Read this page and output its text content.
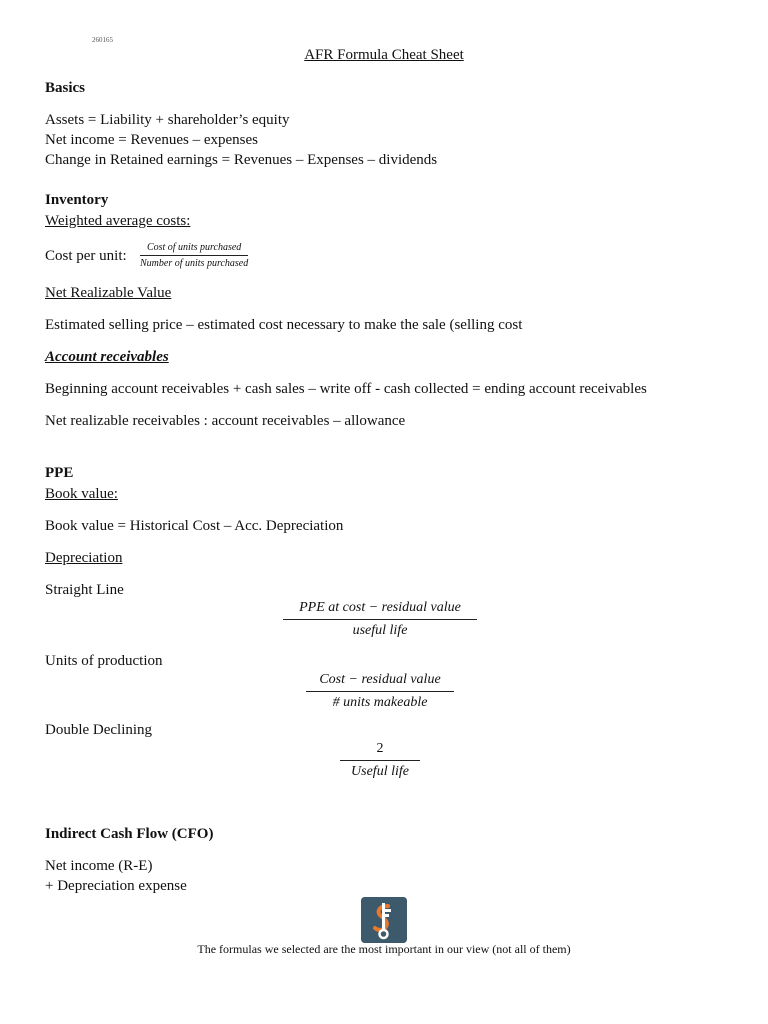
260165
AFR Formula Cheat Sheet
Basics
Assets = Liability + shareholder’s equity
Net income = Revenues – expenses
Change in Retained earnings = Revenues – Expenses – dividends
Inventory
Weighted average costs:
Cost per unit:
Cost of units purchased
Number of units purchased
Net Realizable Value
Estimated selling price – estimated cost necessary to make the sale (selling cost
Account receivables
Beginning account receivables + cash sales – write off - cash collected = ending account receivables
Net realizable receivables : account receivables – allowance
PPE
Book value:
Book value = Historical Cost – Acc. Depreciation
Depreciation
Straight Line
PPE at cost − residual value
useful life
Units of production
Cost − residual value
# units makeable
Double Declining
2
Useful life
Indirect Cash Flow (CFO)
Net income (R-E)
+ Depreciation expense
The formulas we selected are the most important in our view (not all of them)
